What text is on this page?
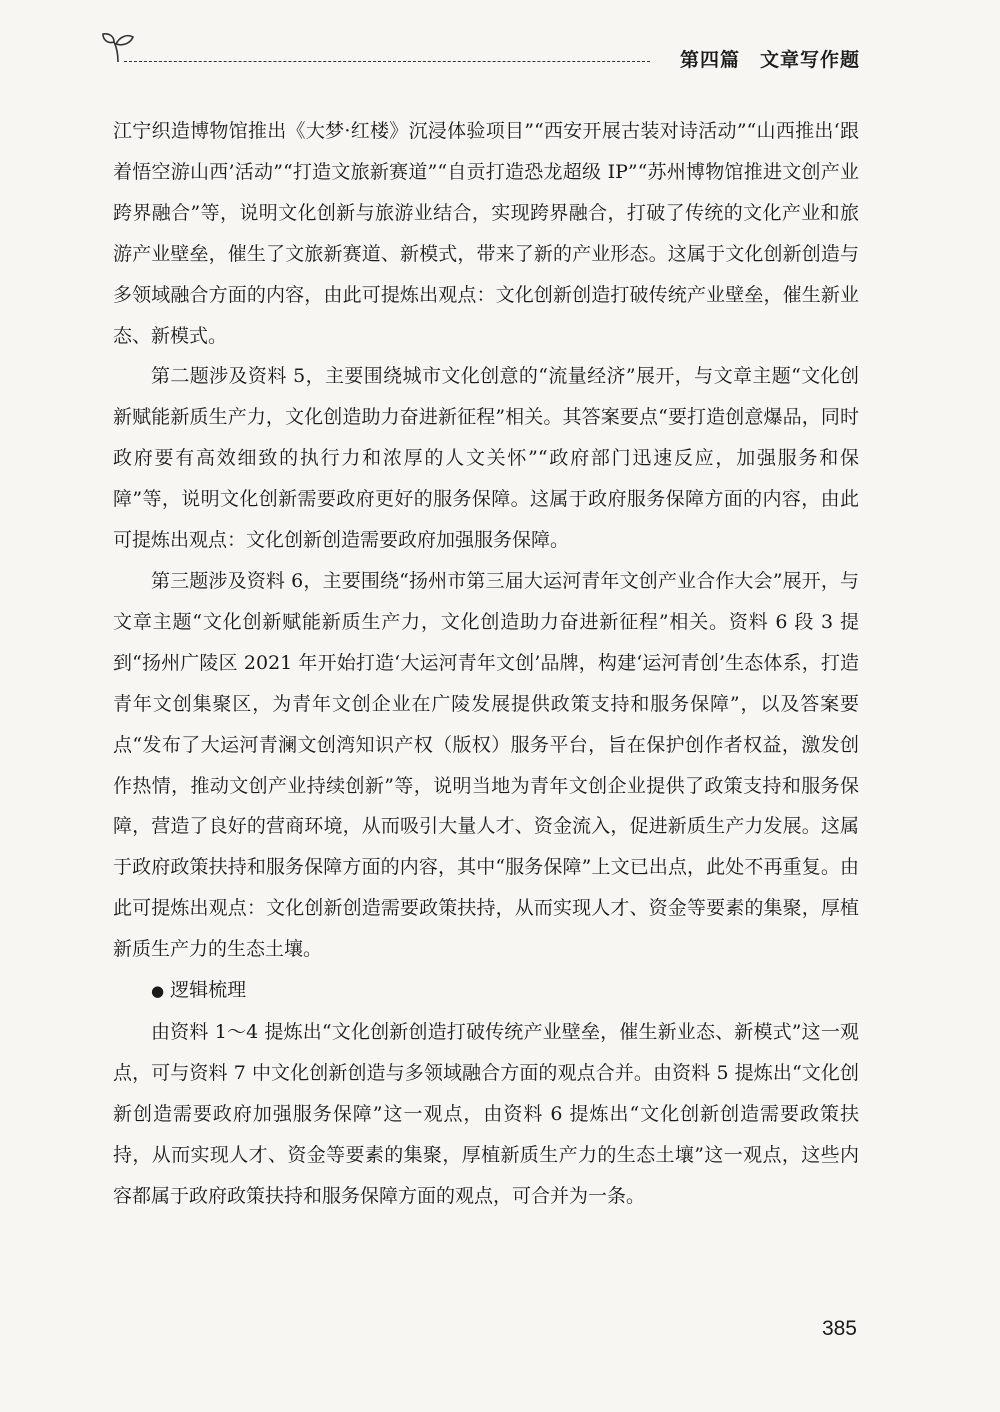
第四篇 文章写作题

江宁织造博物馆推出《大梦·红楼》沉浸体验项目”“西安开展古装对诗活动”“山西推出‘跟着悟空游山西’活动”“打造文旅新赛道”“自贡打造恐龙超级 IP”“苏州博物馆推进文创产业跨界融合”等，说明文化创新与旅游业结合，实现跨界融合，打破了传统的文化产业和旅游产业壁垒，催生了文旅新赛道、新模式，带来了新的产业形态。这属于文化创新创造与多领域融合方面的内容，由此可提炼出观点：文化创新创造打破传统产业壁垒，催生新业态、新模式。

第二题涉及资料 5，主要围绕城市文化创意的“流量经济”展开，与文章主题“文化创新赋能新质生产力，文化创造助力奋进新征程”相关。其答案要点“要打造创意爆品，同时政府要有高效细致的执行力和浓厚的人文关怀”“政府部门迅速反应，加强服务和保障”等，说明文化创新需要政府更好的服务保障。这属于政府服务保障方面的内容，由此可提炼出观点：文化创新创造需要政府加强服务保障。

第三题涉及资料 6，主要围绕“扬州市第三届大运河青年文创产业合作大会”展开，与文章主题“文化创新赋能新质生产力，文化创造助力奋进新征程”相关。资料 6 段 3 提到“扬州广陵区 2021 年开始打造‘大运河青年文创’品牌，构建‘运河青创’生态体系，打造青年文创集聚区，为青年文创企业在广陵发展提供政策支持和服务保障”，以及答案要点“发布了大运河青澜文创湾知识产权（版权）服务平台，旨在保护创作者权益，激发创作热情，推动文创产业持续创新”等，说明当地为青年文创企业提供了政策支持和服务保障，营造了良好的营商环境，从而吸引大量人才、资金流入，促进新质生产力发展。这属于政府政策扶持和服务保障方面的内容，其中“服务保障”上文已出点，此处不再重复。由此可提炼出观点：文化创新创造需要政策扶持，从而实现人才、资金等要素的集聚，厚植新质生产力的生态土壤。

● 逻辑梳理

由资料 1～4 提炼出“文化创新创造打破传统产业壁垒，催生新业态、新模式”这一观点，可与资料 7 中文化创新创造与多领域融合方面的观点合并。由资料 5 提炼出“文化创新创造需要政府加强服务保障”这一观点，由资料 6 提炼出“文化创新创造需要政策扶持，从而实现人才、资金等要素的集聚，厚植新质生产力的生态土壤”这一观点，这些内容都属于政府政策扶持和服务保障方面的观点，可合并为一条。

385
